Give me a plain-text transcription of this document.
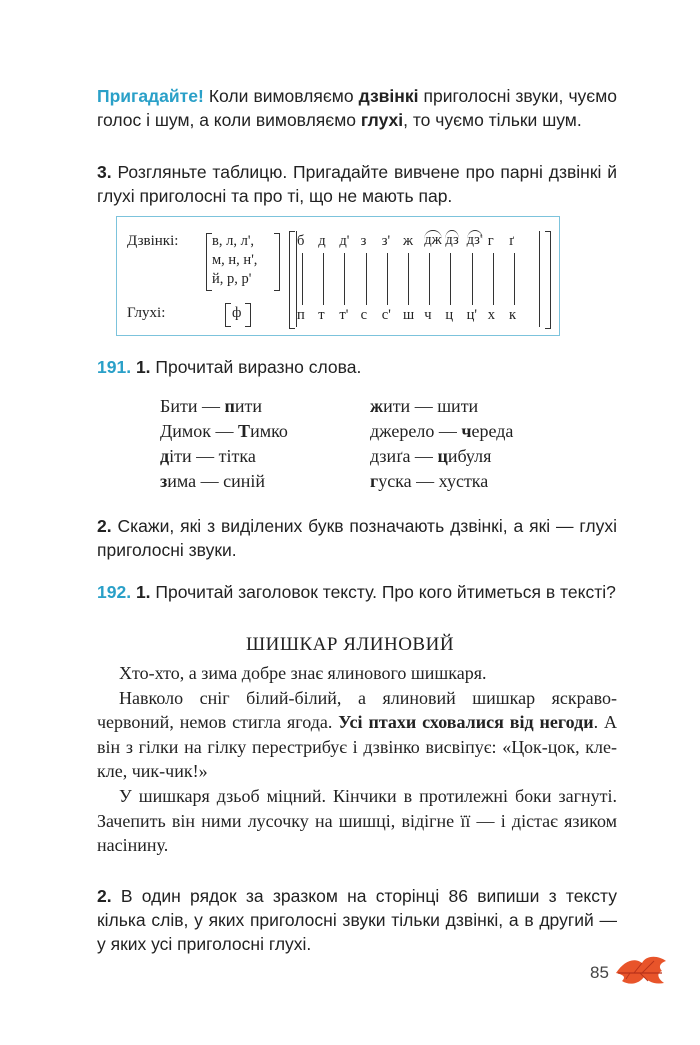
Пригадайте! Коли вимовляємо дзвінкі приголосні звуки, чуємо голос і шум, а коли вимовляємо глухі, то чуємо тільки шум.
3. Розгляньте таблицю. Пригадайте вивчене про парні дзвінкі й глухі приголосні та про ті, що не мають пар.
Дзвінкі:
Глухі:
в, л, л',
м, н, н',
й, р, р'
ф
б
п
д
т
д'
т'
з
с
з'
с'
ж
ш
дж
ч
дз
ц
дз'
ц'
г
х
ґ
к
191. 1. Прочитай виразно слова.
Бити — пити
Димок — Тимко
діти — тітка
зима — синій
жити — шити
джерело — череда
дзиґа — цибуля
гуска — хустка
2. Скажи, які з виділених букв позначають дзвінкі, а які — глухі приголосні звуки.
192. 1. Прочитай заголовок тексту. Про кого йтиметься в тексті?
ШИШКАР ЯЛИНОВИЙ

Хто-хто, а зима добре знає ялинового шишкаря.

Навколо сніг білий-білий, а ялиновий шишкар яскраво-червоний, немов стигла ягода. Усі птахи сховалися від негоди. А він з гілки на гілку перестрибує і дзвінко висвіпує: «Цок-цок, кле-кле, чик-чик!»

У шишкаря дзьоб міцний. Кінчики в протилежні боки загнуті. Зачепить він ними лусочку на шишці, відігне її — і дістає язиком насінину.

2. В один рядок за зразком на сторінці 86 випиши з тексту кілька слів, у яких приголосні звуки тільки дзвінкі, а в другий — у яких усі приголосні глухі.
85
